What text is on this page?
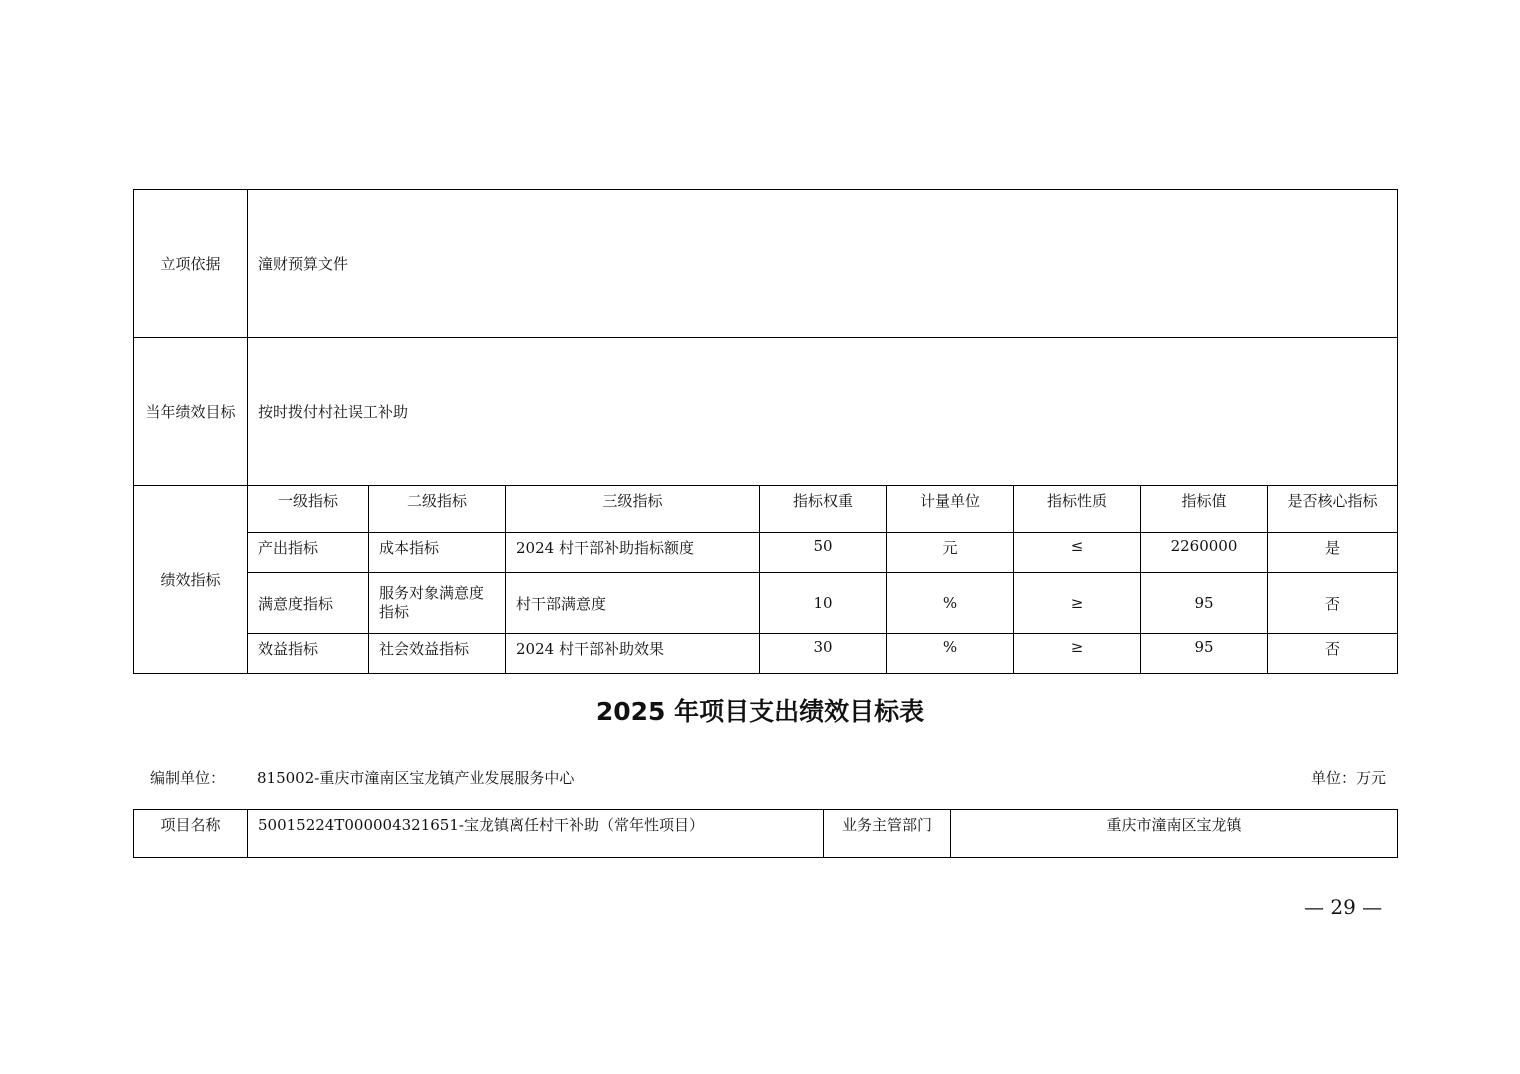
立项依据	潼财预算文件							
当年绩效目标	按时拨付村社误工补助							
绩效指标	一级指标	二级指标	三级指标	指标权重	计量单位	指标性质	指标值	是否核心指标
	产出指标	成本指标	2024 村干部补助指标额度	50	元	≤	2260000	是
	满意度指标	服务对象满意度指标	村干部满意度	10	%	≥	95	否
	效益指标	社会效益指标	2024 村干部补助效果	30	%	≥	95	否
2025 年项目支出绩效目标表
编制单位： 815002-重庆市潼南区宝龙镇产业发展服务中心	单位：万元
项目名称	50015224T000004321651-宝龙镇离任村干补助（常年性项目）	业务主管部门	重庆市潼南区宝龙镇
— 29 —
